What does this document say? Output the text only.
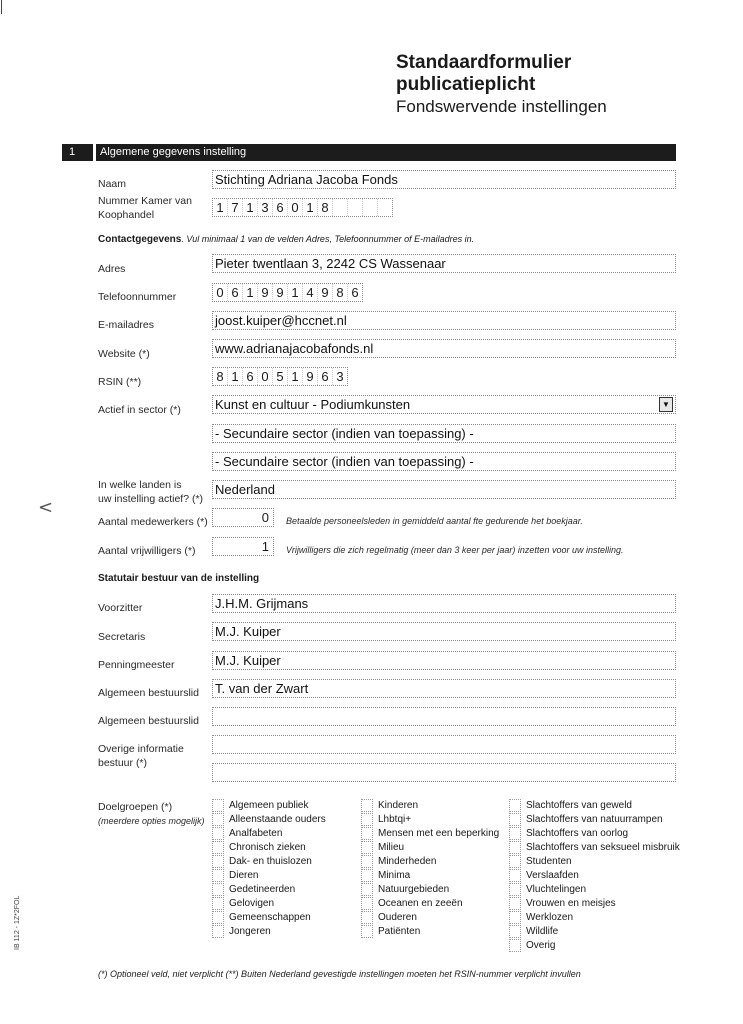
Standaardformulier
publicatieplicht
Fondswervende instellingen
1 Algemene gegevens instelling
Naam	Stichting Adriana Jacoba Fonds
Nummer Kamer van
Koophandel	1 7 1 3 6 0 1 8
Contactgegevens. Vul minimaal 1 van de velden Adres, Telefoonnummer of E-mailadres in.
Adres	Pieter twentlaan 3, 2242 CS Wassenaar
Telefoonnummer	0 6 1 9 9 1 4 9 8 6
E-mailadres	joost.kuiper@hccnet.nl
Website (*)	www.adrianajacobafonds.nl
RSIN (**)	8 1 6 0 5 1 9 6 3
Actief in sector (*)	Kunst en cultuur - Podiumkunsten	▼
- Secundaire sector (indien van toepassing) -
- Secundaire sector (indien van toepassing) -
In welke landen is
uw instelling actief? (*)
Nederland
Aantal medewerkers (*)	0	Betaalde personeelsleden in gemiddeld aantal fte gedurende het boekjaar.
Aantal vrijwilligers (*)	1	Vrijwilligers die zich regelmatig (meer dan 3 keer per jaar) inzetten voor uw instelling.
Statutair bestuur van de instelling
Voorzitter	J.H.M. Grijmans
Secretaris	M.J. Kuiper
Penningmeester	M.J. Kuiper
Algemeen bestuurslid T. van der Zwart
Algemeen bestuurslid
Overige informatie
bestuur (*)
Doelgroepen (*)
(meerdere opties mogelijk)
Algemeen publiek
Alleenstaande ouders
Analfabeten
Chronisch zieken
Dak- en thuislozen
Dieren
Gedetineerden
Gelovigen
Gemeenschappen
Jongeren
Kinderen
Lhbtqi+
Mensen met een beperking
Milieu
Minderheden
Minima
Natuurgebieden
Oceanen en zeeën
Ouderen
Patiënten
Slachtoffers van geweld
Slachtoffers van natuurrampen
Slachtoffers van oorlog
Slachtoffers van seksueel misbruik
Studenten
Verslaafden
Vluchtelingen
Vrouwen en meisjes
Werklozen
Wildlife
Overig
(*) Optioneel veld, niet verplicht (**) Buiten Nederland gevestigde instellingen moeten het RSIN-nummer verplicht invullen
IB 112 - 1Z*2FOL
<
